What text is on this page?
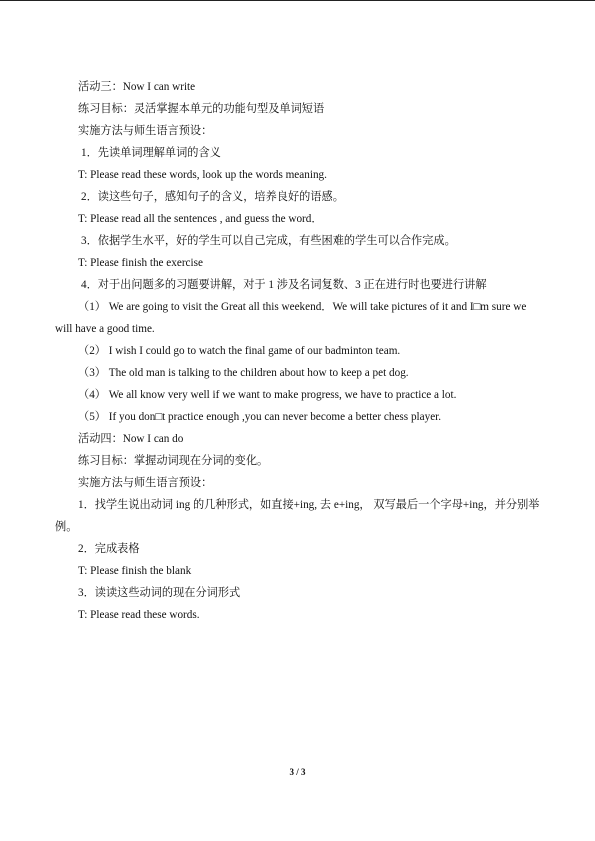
活动三：Now I can write

练习目标：灵活掌握本单元的功能句型及单词短语

实施方法与师生语言预设：

1．先读单词理解单词的含义

T: Please read these words, look up the words meaning.

2．读这些句子，感知句子的含义，培养良好的语感。

T: Please read all the sentences , and guess the word．

3．依据学生水平，好的学生可以自己完成，有些困难的学生可以合作完成。

T: Please finish the exercise

4．对于出问题多的习题要讲解，对于 1 涉及名词复数、3 正在进行时也要进行讲解

（1） We are going to visit the Great all this weekend．We will take pictures of it and I□m sure we will have a good time.

（2） I wish I could go to watch the final game of our badminton team.

（3） The old man is talking to the children about how to keep a pet dog.

（4） We all know very well if we want to make progress, we have to practice a lot.

（5） If you don□t practice enough ,you can never become a better chess player.

活动四：Now I can do

练习目标：掌握动词现在分词的变化。

实施方法与师生语言预设：

1．找学生说出动词 ing 的几种形式，如直接+ing, 去 e+ing， 双写最后一个字母+ing，并分别举例。

2．完成表格

T: Please finish the blank

3．读读这些动词的现在分词形式

T: Please read these words.

3 / 3
